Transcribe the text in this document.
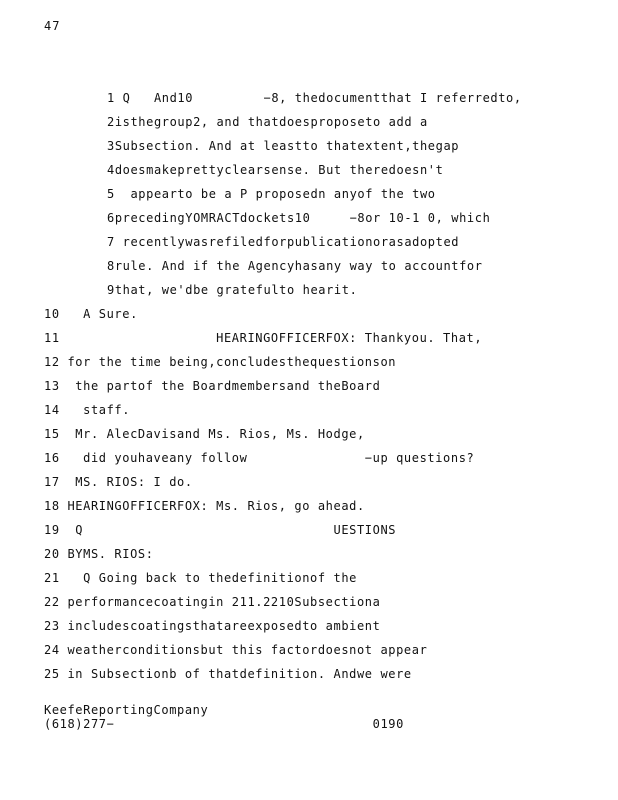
47
1 Q   And10         −8, thedocumentthat I referredto,
2isthegroup2, and thatdoesproposeto add a
3Subsection. And at leastto thatextent,thegap
4doesmakeprettyclearsense. But theredoesn't
5  appearto be a P proposedn anyof the two
6precedingYOMRACTdockets10     −8or 10-1 0, which
7 recentlywasrefiledforpublicationorasadopted
8rule. And if the Agencyhasany way to accountfor
9that, we'dbe gratefulto hearit.
10   A Sure.
11                    HEARINGOFFICERFOX: Thankyou. That,
12 for the time being,concludesthequestionson
13  the partof the Boardmembersand theBoard
14   staff.
15  Mr. AlecDavisand Ms. Rios, Ms. Hodge,
16   did youhaveany follow               −up questions?
17  MS. RIOS: I do.
18 HEARINGOFFICERFOX: Ms. Rios, go ahead.
19  Q                                UESTIONS
20 BYMS. RIOS:
21   Q Going back to thedefinitionof the
22 performancecoatingin 211.2210Subsectiona
23 includescoatingsthatareexposedto ambient
24 weatherconditionsbut this factordoesnot appear
25 in Subsectionb of thatdefinition. Andwe were
KeefeReportingCompany
(618)277−                                 0190
